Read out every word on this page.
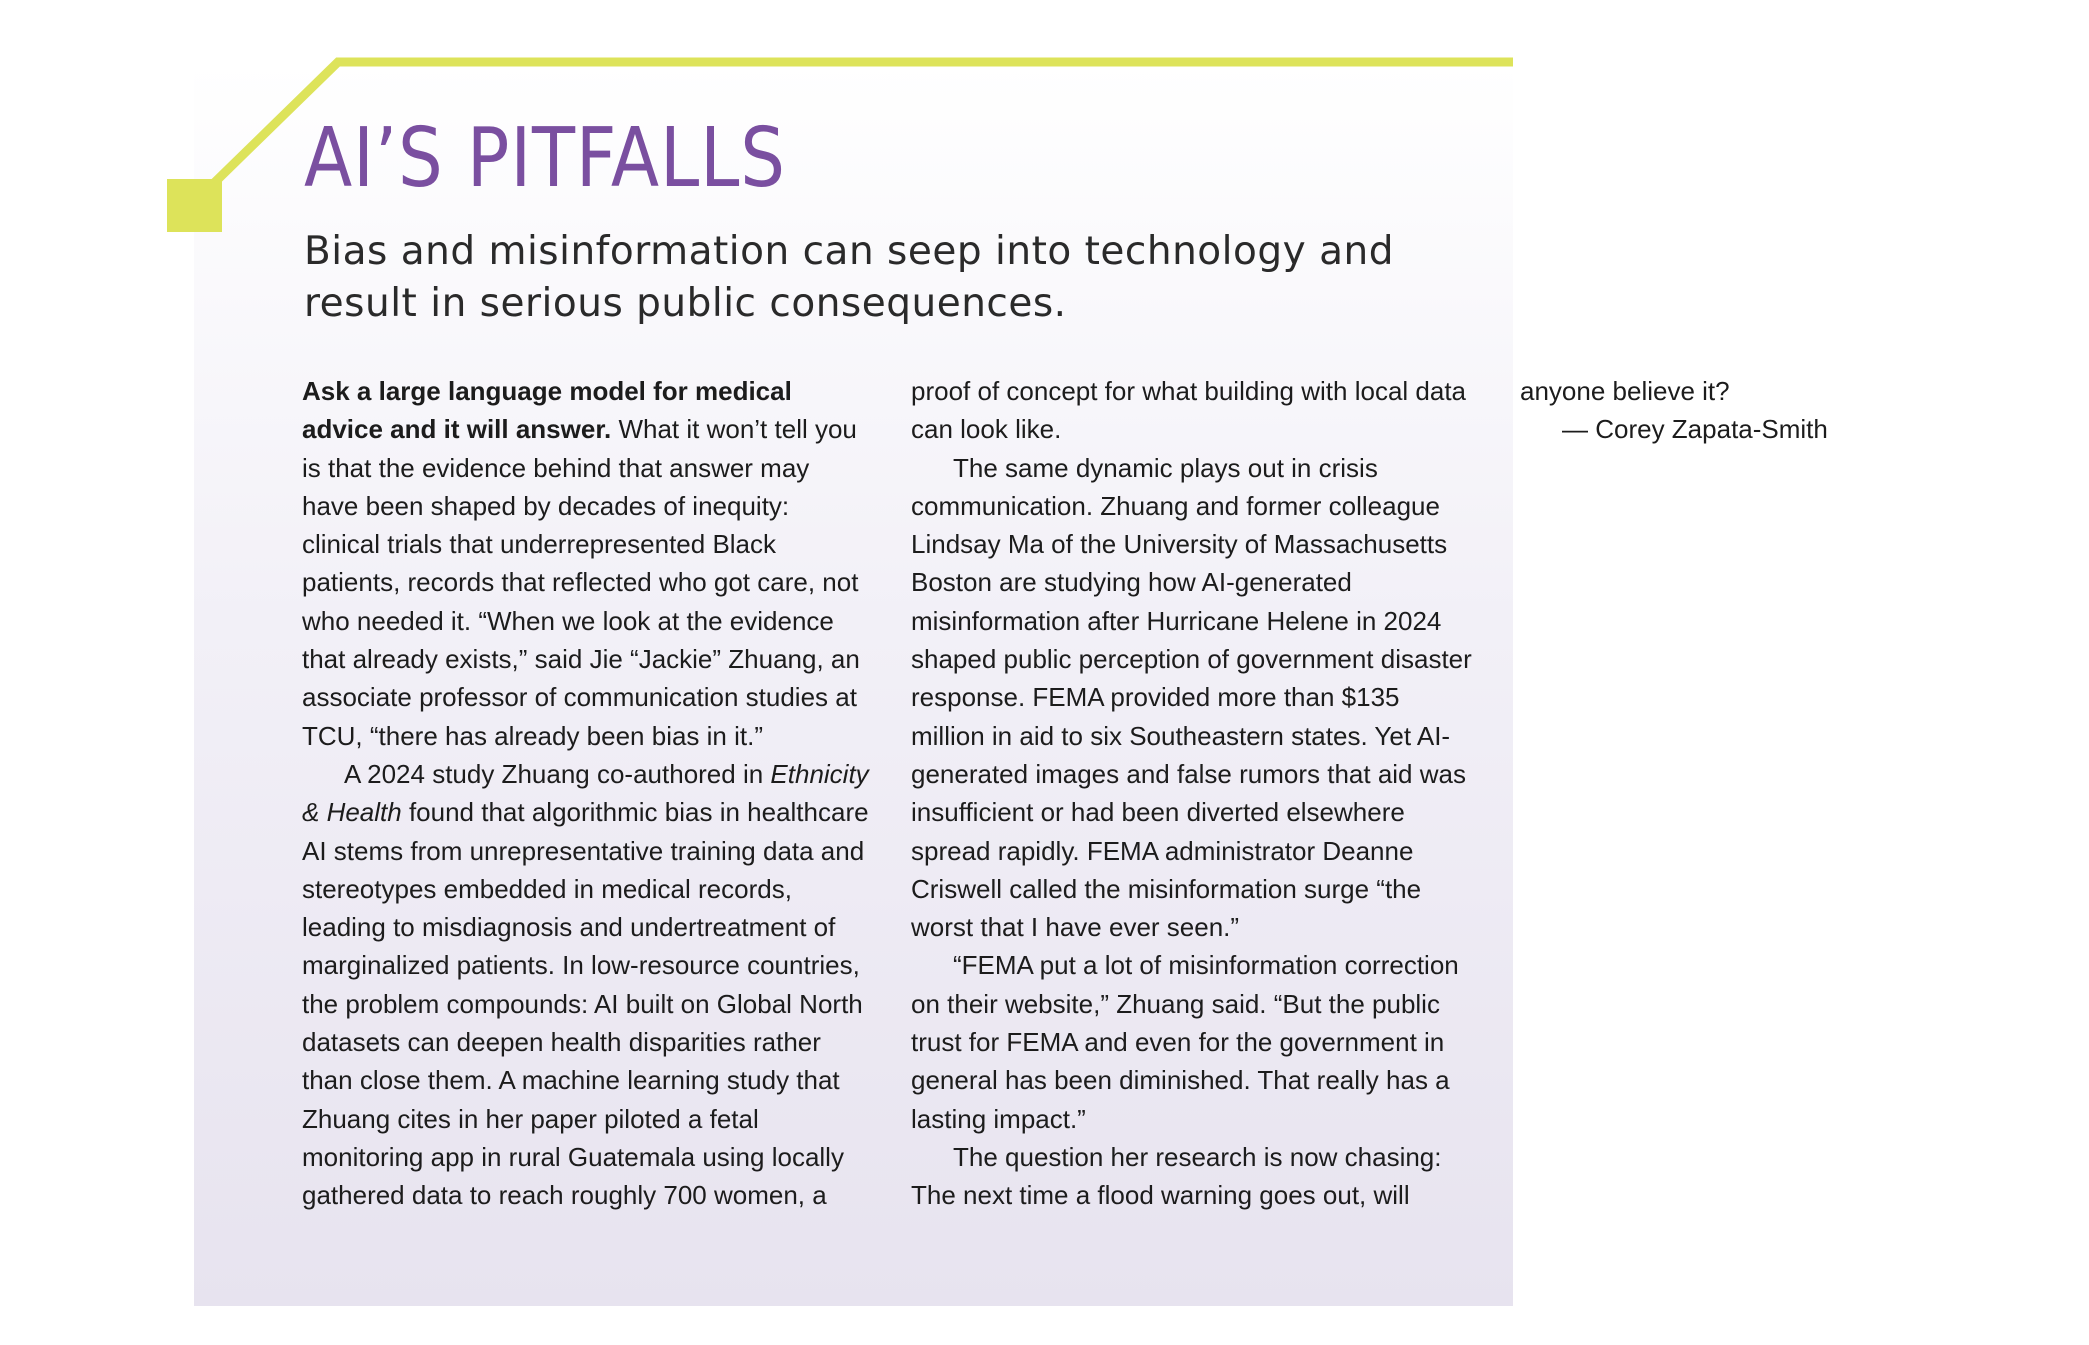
AI’S PITFALLS

Bias and misinformation can seep into technology and result in serious public consequences.

Ask a large language model for medical advice and it will answer. What it won’t tell you is that the evidence behind that answer may have been shaped by decades of inequity: clinical trials that underrepresented Black patients, records that reflected who got care, not who needed it. “When we look at the evidence that already exists,” said Jie “Jackie” Zhuang, an associate professor of communication studies at TCU, “there has already been bias in it.”

A 2024 study Zhuang co-authored in Ethnicity & Health found that algorithmic bias in healthcare AI stems from unrepresentative training data and stereotypes embedded in medical records, leading to misdiagnosis and undertreatment of marginalized patients. In low-resource countries, the problem compounds: AI built on Global North datasets can deepen health disparities rather than close them. A machine learning study that Zhuang cites in her paper piloted a fetal monitoring app in rural Guatemala using locally gathered data to reach roughly 700 women, a proof of concept for what building with local data can look like.

The same dynamic plays out in crisis communication. Zhuang and former colleague Lindsay Ma of the University of Massachusetts Boston are studying how AI-generated misinformation after Hurricane Helene in 2024 shaped public perception of government disaster response. FEMA provided more than $135 million in aid to six Southeastern states. Yet AI-generated images and false rumors that aid was insufficient or had been diverted elsewhere spread rapidly. FEMA administrator Deanne Criswell called the misinformation surge “the worst that I have ever seen.”

“FEMA put a lot of misinformation correction on their website,” Zhuang said. “But the public trust for FEMA and even for the government in general has been diminished. That really has a lasting impact.”

The question her research is now chasing: The next time a flood warning goes out, will anyone believe it?

— Corey Zapata-Smith
